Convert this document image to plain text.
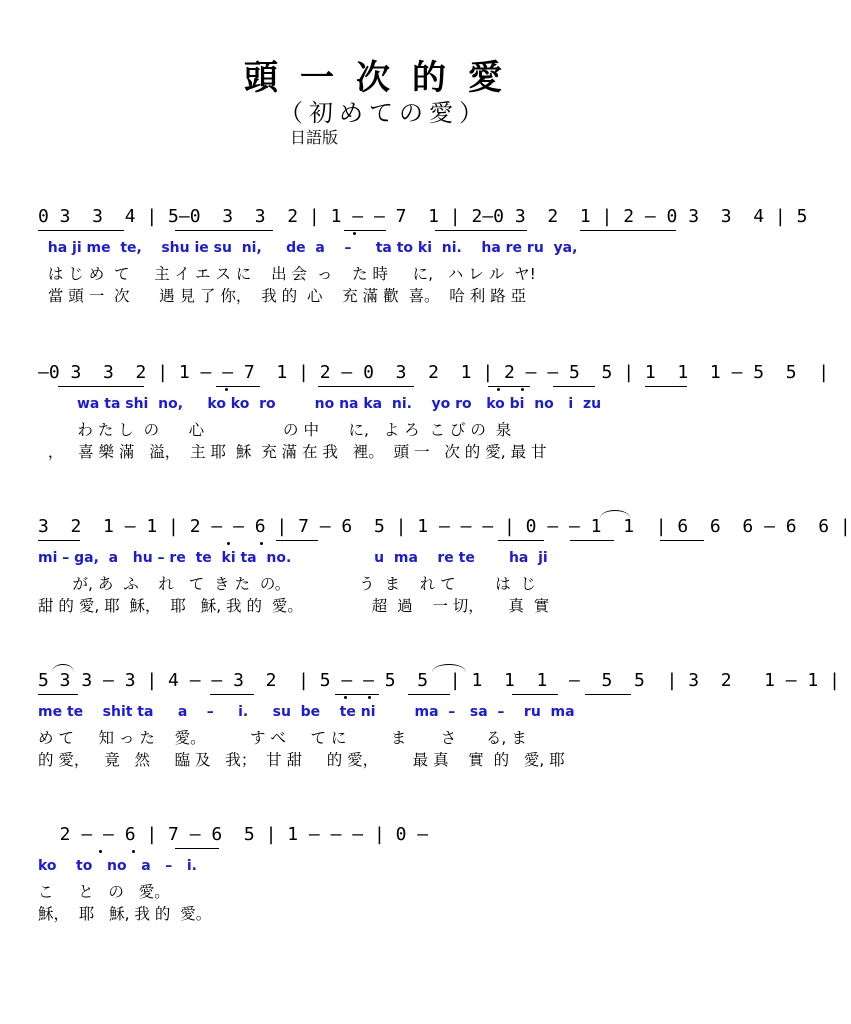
頭一次的愛
（初めての愛）
日語版
0 3  3  4 | 5–0  3  3  2 | 1 – – 7  1 | 2–0 3  2  1 | 2 – 0 3  3  4 | 5
ha ji me  te,    shu ie su  ni,     de  a    –     ta to ki  ni.    ha re ru  ya,
は じ め  て     主 イ エ ス に    出 会  っ    た 時     に,   ハ レ ル  ヤ!
當 頭 一  次      遇 見 了 你，  我 的  心    充 滿 歡  喜。  哈 利 路 亞
–0 3  3  2 | 1 – – 7  1 | 2 – 0  3  2  1 | 2 – – 5  5 | 1  1  1 – 5  5  |
wa ta shi  no,     ko ko  ro        no na ka  ni.    yo ro   ko bi  no   i  zu
わ た し  の      心                の 中      に,   よ ろ  こ び の  泉
，   喜 樂 滿   溢，  主 耶  穌  充 滿 在 我   裡。  頭 一   次 的 愛, 最 甘
3  2  1 – 1 | 2 – – 6 | 7 – 6  5 | 1 – – – | 0 – – 1  1  | 6  6  6 – 6  6 |
mi – ga,  a   hu – re  te  ki ta  no.                 u  ma    re te       ha  ji
が, あ  ふ    れ   て  き た  の。              う  ま    れ て        は  じ
甜 的 愛, 耶  穌，  耶   穌, 我 的  愛。              超  過    一 切，     真  實
5 3 3 – 3 | 4 – – 3  2  | 5 – – 5  5  | 1  1  1  –  5  5  | 3  2   1 – 1 |
me te    shit ta     a    –     i.     su  be    te ni        ma  –   sa  –    ru  ma
め て     知 っ た    愛。         す べ     て に         ま       さ      る, ま
的 愛，   竟   然     臨 及   我；  甘 甜     的 愛，       最 真    實  的   愛, 耶
2 – – 6 | 7 – 6  5 | 1 – – – | 0 –
ko    to   no   a   –   i.
こ     と   の   愛。
穌，  耶   穌, 我 的  愛。
